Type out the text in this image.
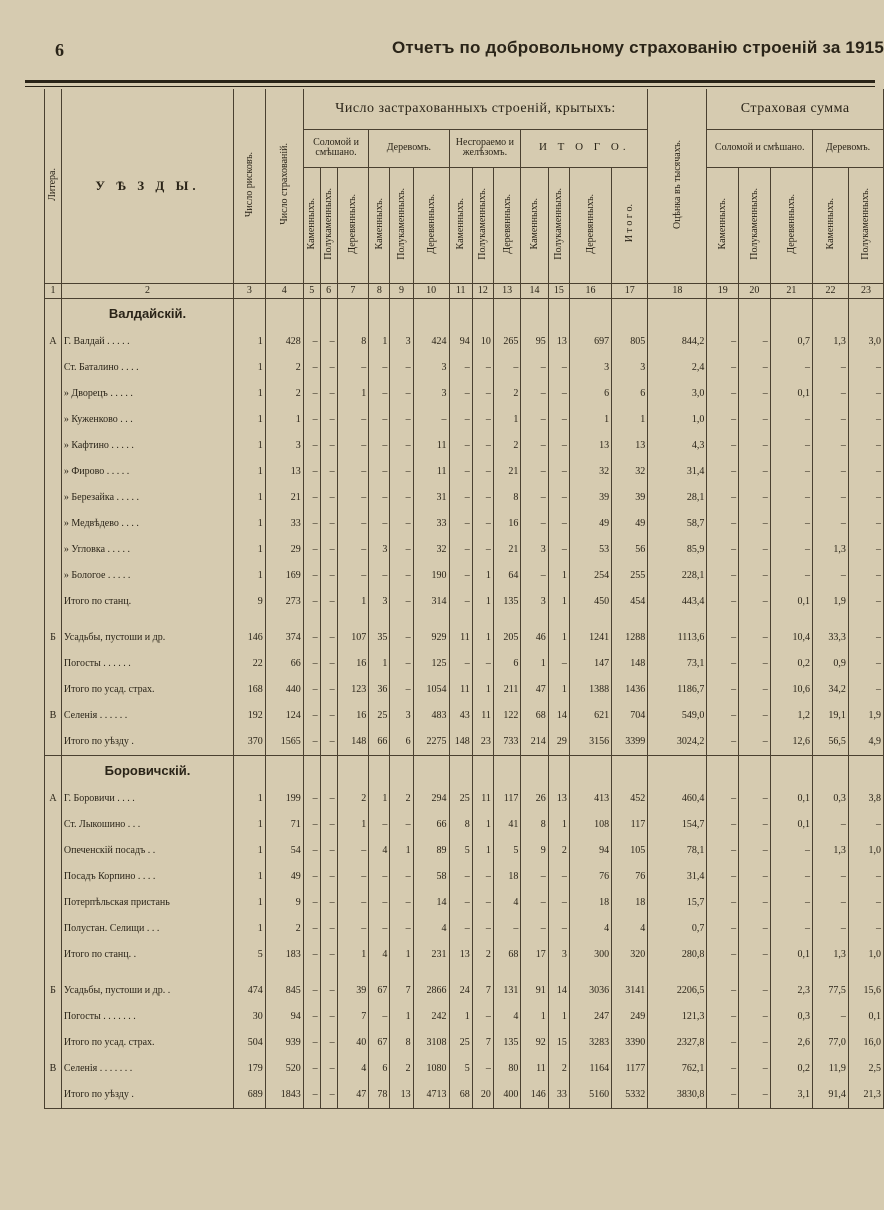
6	Отчетъ по добровольному страхованію строеній за 1915
Литера.	У Ѣ З Д Ы.	Число рисковъ.	Число страхованій.	Число застрахованныхъ строеній, крытыхъ:													Оцѣнка въ тысячахъ.	Страховая сумма				

				Соломой и смѣшано.			Деревомъ.			Несгораемо и желѣзомъ.			И Т О Г О.					Соломой и смѣшано.			Деревомъ.	

				Каменныхъ.	Полукаменныхъ.	Деревянныхъ.	Каменныхъ.	Полукаменныхъ.	Деревянныхъ.	Каменныхъ.	Полукаменныхъ.	Деревянныхъ.	Каменныхъ.	Полукаменныхъ.	Деревянныхъ.	И т о г о.		Каменныхъ.	Полукаменныхъ.	Деревянныхъ.	Каменныхъ.	Полукаменныхъ.
1	2	3	4	5	6	7	8	9	10	11	12	13	14	15	16	17	18	19	20	21	22	23
	Валдайскій.																					
А	Г. Валдай . . . . .	1	428	–	–	8	1	3	424	94	10	265	95	13	697	805	844,2	–	–	0,7	1,3	3,0
	Ст. Баталино . . . .	1	2	–	–	–	–	–	3	–	–	–	–	–	3	3	2,4	–	–	–	–	–
	» Дворецъ . . . . .	1	2	–	–	1	–	–	3	–	–	2	–	–	6	6	3,0	–	–	0,1	–	–
	» Куженково . . .	1	1	–	–	–	–	–	–	–	–	1	–	–	1	1	1,0	–	–	–	–	–
	» Кафтино . . . . .	1	3	–	–	–	–	–	11	–	–	2	–	–	13	13	4,3	–	–	–	–	–
	» Фирово . . . . .	1	13	–	–	–	–	–	11	–	–	21	–	–	32	32	31,4	–	–	–	–	–
	» Березайка . . . . .	1	21	–	–	–	–	–	31	–	–	8	–	–	39	39	28,1	–	–	–	–	–
	» Медвѣдево . . . .	1	33	–	–	–	–	–	33	–	–	16	–	–	49	49	58,7	–	–	–	–	–
	» Угловка . . . . .	1	29	–	–	–	3	–	32	–	–	21	3	–	53	56	85,9	–	–	–	1,3	–
	» Бологое . . . . .	1	169	–	–	–	–	–	190	–	1	64	–	1	254	255	228,1	–	–	–	–	–
	Итого по станц.	9	273	–	–	1	3	–	314	–	1	135	3	1	450	454	443,4	–	–	0,1	1,9	–

Б	Усадьбы, пустоши и др.	146	374	–	–	107	35	–	929	11	1	205	46	1	1241	1288	1113,6	–	–	10,4	33,3	–
	Погосты . . . . . .	22	66	–	–	16	1	–	125	–	–	6	1	–	147	148	73,1	–	–	0,2	0,9	–
	Итого по усад. страх.	168	440	–	–	123	36	–	1054	11	1	211	47	1	1388	1436	1186,7	–	–	10,6	34,2	–
В	Селенія . . . . . .	192	124	–	–	16	25	3	483	43	11	122	68	14	621	704	549,0	–	–	1,2	19,1	1,9
	Итого по уѣзду .	370	1565	–	–	148	66	6	2275	148	23	733	214	29	3156	3399	3024,2	–	–	12,6	56,5	4,9
	Боровичскій.																					
А	Г. Боровичи . . . .	1	199	–	–	2	1	2	294	25	11	117	26	13	413	452	460,4	–	–	0,1	0,3	3,8
	Ст. Лыкошино . . .	1	71	–	–	1	–	–	66	8	1	41	8	1	108	117	154,7	–	–	0,1	–	–
	Опеченскій посадъ . .	1	54	–	–	–	4	1	89	5	1	5	9	2	94	105	78,1	–	–	–	1,3	1,0
	Посадъ Корпино . . . .	1	49	–	–	–	–	–	58	–	–	18	–	–	76	76	31,4	–	–	–	–	–
	Потерпѣльская пристань	1	9	–	–	–	–	–	14	–	–	4	–	–	18	18	15,7	–	–	–	–	–
	Полустан. Селищи . . .	1	2	–	–	–	–	–	4	–	–	–	–	–	4	4	0,7	–	–	–	–	–
	Итого по станц. .	5	183	–	–	1	4	1	231	13	2	68	17	3	300	320	280,8	–	–	0,1	1,3	1,0

Б	Усадьбы, пустоши и др. .	474	845	–	–	39	67	7	2866	24	7	131	91	14	3036	3141	2206,5	–	–	2,3	77,5	15,6
	Погосты . . . . . . .	30	94	–	–	7	–	1	242	1	–	4	1	1	247	249	121,3	–	–	0,3	–	0,1
	Итого по усад. страх.	504	939	–	–	40	67	8	3108	25	7	135	92	15	3283	3390	2327,8	–	–	2,6	77,0	16,0
В	Селенія . . . . . . .	179	520	–	–	4	6	2	1080	5	–	80	11	2	1164	1177	762,1	–	–	0,2	11,9	2,5
	Итого по уѣзду .	689	1843	–	–	47	78	13	4713	68	20	400	146	33	5160	5332	3830,8	–	–	3,1	91,4	21,3
